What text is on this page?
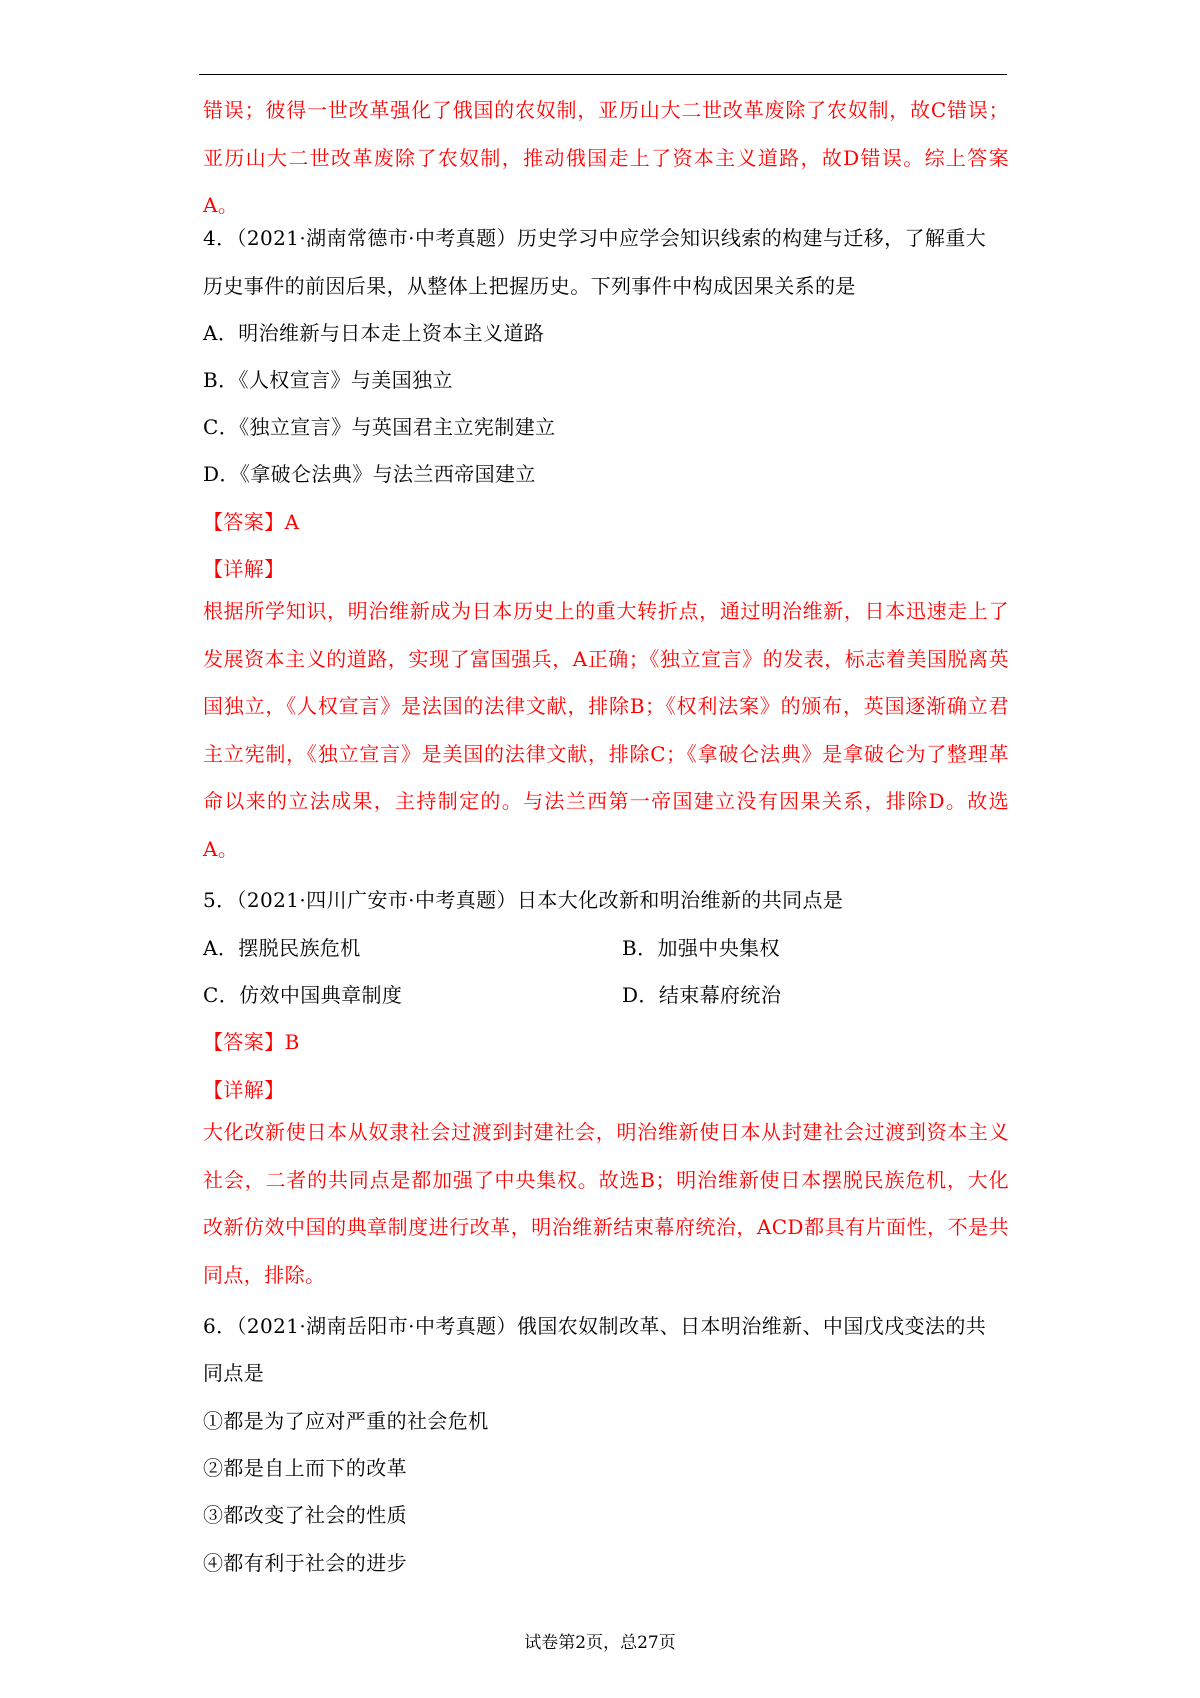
错误；彼得一世改革强化了俄国的农奴制，亚历山大二世改革废除了农奴制，故C错误；亚历山大二世改革废除了农奴制，推动俄国走上了资本主义道路，故D错误。综上答案A。
4．（2021·湖南常德市·中考真题）历史学习中应学会知识线索的构建与迁移，了解重大
历史事件的前因后果，从整体上把握历史。下列事件中构成因果关系的是
A．明治维新与日本走上资本主义道路
B．《人权宣言》与美国独立
C．《独立宣言》与英国君主立宪制建立
D．《拿破仑法典》与法兰西帝国建立
【答案】A
【详解】
根据所学知识，明治维新成为日本历史上的重大转折点，通过明治维新，日本迅速走上了发展资本主义的道路，实现了富国强兵，A正确；《独立宣言》的发表，标志着美国脱离英国独立，《人权宣言》是法国的法律文献，排除B；《权利法案》的颁布，英国逐渐确立君主立宪制，《独立宣言》是美国的法律文献，排除C；《拿破仑法典》是拿破仑为了整理革命以来的立法成果，主持制定的。与法兰西第一帝国建立没有因果关系，排除D。故选A。
5．（2021·四川广安市·中考真题）日本大化改新和明治维新的共同点是
A．摆脱民族危机	B．加强中央集权
C．仿效中国典章制度	D．结束幕府统治
【答案】B
【详解】
大化改新使日本从奴隶社会过渡到封建社会，明治维新使日本从封建社会过渡到资本主义社会，二者的共同点是都加强了中央集权。故选B；明治维新使日本摆脱民族危机，大化改新仿效中国的典章制度进行改革，明治维新结束幕府统治，ACD都具有片面性，不是共同点，排除。
6．（2021·湖南岳阳市·中考真题）俄国农奴制改革、日本明治维新、中国戊戌变法的共
同点是
①都是为了应对严重的社会危机
②都是自上而下的改革
③都改变了社会的性质
④都有利于社会的进步
试卷第2页，总27页
